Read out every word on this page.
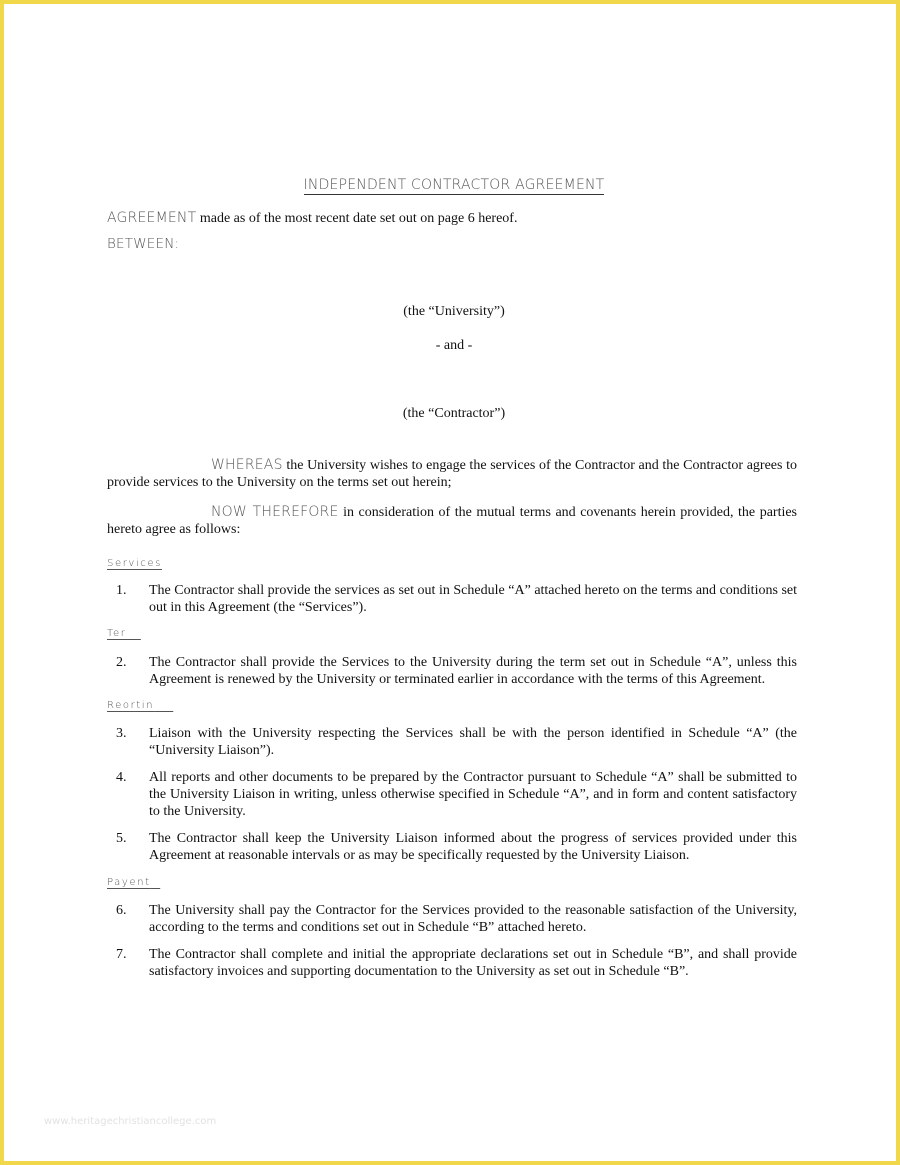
INDEPENDENT CONTRACTOR AGREEMENT
AGREEMENT made as of the most recent date set out on page 6 hereof.
BETWEEN:
(the “University”)
- and -
(the “Contractor”)
WHEREAS the University wishes to engage the services of the Contractor and the Contractor agrees to provide services to the University on the terms set out herein;
NOW THEREFORE in consideration of the mutual terms and covenants herein provided, the parties hereto agree as follows:
Services
1.	The Contractor shall provide the services as set out in Schedule “A” attached hereto on the terms and conditions set out in this Agreement (the “Services”).
Ter
2.	The Contractor shall provide the Services to the University during the term set out in Schedule “A”, unless this Agreement is renewed by the University or terminated earlier in accordance with the terms of this Agreement.
Reortin
3.	Liaison with the University respecting the Services shall be with the person identified in Schedule “A” (the “University Liaison”).
4.	All reports and other documents to be prepared by the Contractor pursuant to Schedule “A” shall be submitted to the University Liaison in writing, unless otherwise specified in Schedule “A”, and in form and content satisfactory to the University.
5.	The Contractor shall keep the University Liaison informed about the progress of services provided under this Agreement at reasonable intervals or as may be specifically requested by the University Liaison.
Payent
6.	The University shall pay the Contractor for the Services provided to the reasonable satisfaction of the University, according to the terms and conditions set out in Schedule “B” attached hereto.
7.	The Contractor shall complete and initial the appropriate declarations set out in Schedule “B”, and shall provide satisfactory invoices and supporting documentation to the University as set out in Schedule “B”.
www.heritagechristiancollege.com
